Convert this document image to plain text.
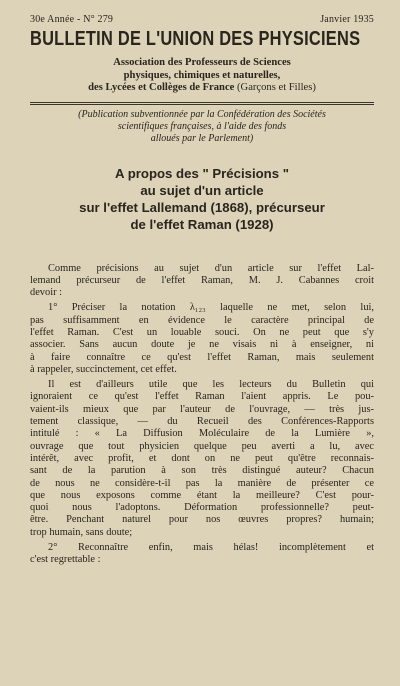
30e Année - N° 279	Janvier 1935
BULLETIN DE L'UNION DES PHYSICIENS
Association des Professeurs de Sciences
physiques, chimiques et naturelles,
des Lycées et Collèges de France (Garçons et Filles)
(Publication subventionnée par la Confédération des Sociétés
scientifiques françaises, à l'aide des fonds
alloués par le Parlement)
A propos des " Précisions "
au sujet d'un article
sur l'effet Lallemand (1868), précurseur
de l'effet Raman (1928)

Comme précisions au sujet d'un article sur l'effet Lal-
lemand précurseur de l'effet Raman, M. J. Cabannes croit
devoir :

1° Préciser la notation λ₁₂₃ laquelle ne met, selon lui,
pas suffisamment en évidence le caractère principal de
l'effet Raman. C'est un louable souci. On ne peut que s'y
associer. Sans aucun doute je ne visais ni à enseigner, ni
à faire connaître ce qu'est l'effet Raman, mais seulement
à rappeler, succinctement, cet effet.

Il est d'ailleurs utile que les lecteurs du Bulletin qui
ignoraient ce qu'est l'effet Raman l'aient appris. Le pou-
vaient-ils mieux que par l'auteur de l'ouvrage, — très jus-
tement classique, — du Recueil des Conférences-Rapports
intitulé : « La Diffusion Moléculaire de la Lumière »,
ouvrage que tout physicien quelque peu averti a lu, avec
intérêt, avec profit, et dont on ne peut qu'être reconnais-
sant de la parution à son très distingué auteur? Chacun
de nous ne considère-t-il pas la manière de présenter ce
que nous exposons comme étant la meilleure? C'est pour-
quoi nous l'adoptons. Déformation professionnelle? peut-
être. Penchant naturel pour nos œuvres propres? humain;
trop humain, sans doute;

2° Reconnaître enfin, mais hélas! incomplètement et
c'est regrettable :
